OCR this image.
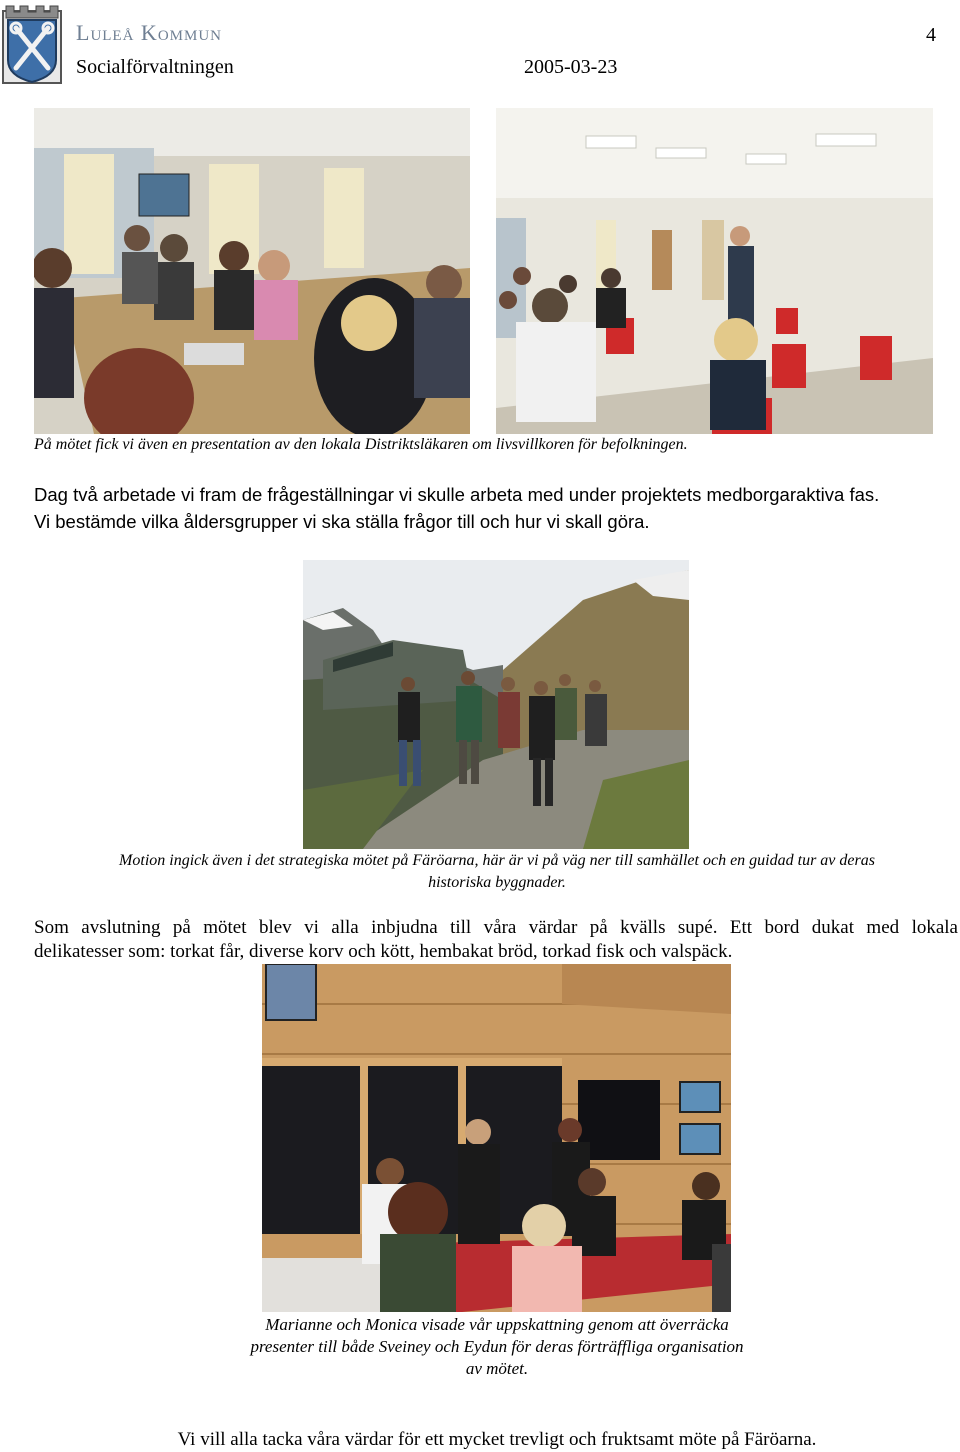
Luleå Kommun
Socialförvaltningen	2005-03-23
4
På mötet fick vi även en presentation av den lokala Distriktsläkaren om livsvillkoren för befolkningen.
Dag två arbetade vi fram de frågeställningar vi skulle arbeta med under projektets medborgaraktiva fas.
Vi bestämde vilka åldersgrupper vi ska ställa frågor till och hur vi skall göra.
Motion ingick även i det strategiska mötet på Färöarna, här är vi på väg ner till samhället och en guidad tur av deras
historiska byggnader.
Som avslutning på mötet blev vi alla inbjudna till våra värdar på kvälls supé. Ett bord dukat med lokala
delikatesser som: torkat får, diverse korv och kött, hembakat bröd, torkad fisk och valspäck.
Marianne och Monica visade vår uppskattning genom att överräcka
presenter till både Sveiney och Eydun för deras förträffliga organisation
av mötet.
Vi vill alla tacka våra värdar för ett mycket trevligt och fruktsamt möte på Färöarna.
